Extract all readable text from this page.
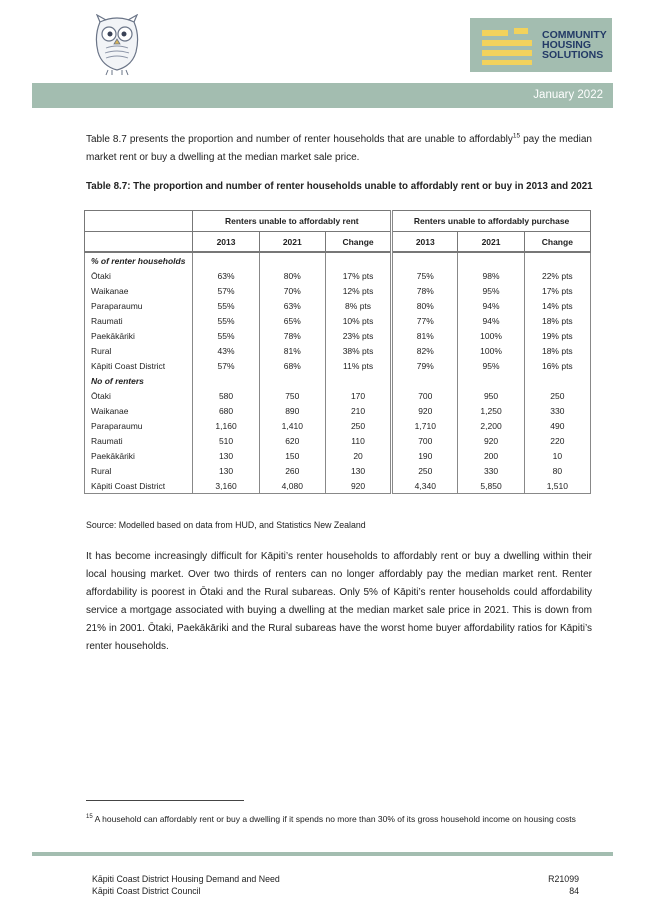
COMMUNITY
HOUSING
SOLUTIONS
January 2022
Table 8.7 presents the proportion and number of renter households that are unable to affordably$^{15}$ pay the median market rent or buy a dwelling at the median market sale price.
Table 8.7: The proportion and number of renter households unable to affordably rent or buy in 2013 and 2021
	Renters unable to affordably rent			Renters unable to affordably purchase		
	2013	2021	Change	2013	2021	Change
% of renter households						
Ōtaki	63%	80%	17% pts	75%	98%	22% pts
Waikanae	57%	70%	12% pts	78%	95%	17% pts
Paraparaumu	55%	63%	8% pts	80%	94%	14% pts
Raumati	55%	65%	10% pts	77%	94%	18% pts
Paekākāriki	55%	78%	23% pts	81%	100%	19% pts
Rural	43%	81%	38% pts	82%	100%	18% pts
Kāpiti Coast District	57%	68%	11% pts	79%	95%	16% pts
No of renters						
Ōtaki	580	750	170	700	950	250
Waikanae	680	890	210	920	1,250	330
Paraparaumu	1,160	1,410	250	1,710	2,200	490
Raumati	510	620	110	700	920	220
Paekākāriki	130	150	20	190	200	10
Rural	130	260	130	250	330	80
Kāpiti Coast District	3,160	4,080	920	4,340	5,850	1,510
Source: Modelled based on data from HUD, and Statistics New Zealand
It has become increasingly difficult for Kāpiti’s renter households to affordably rent or buy a dwelling within their local housing market. Over two thirds of renters can no longer affordably pay the median market rent. Renter affordability is poorest in Ōtaki and the Rural subareas. Only 5% of Kāpiti’s renter households could affordability service a mortgage associated with buying a dwelling at the median market sale price in 2021. This is down from 21% in 2001. Ōtaki, Paekākāriki and the Rural subareas have the worst home buyer affordability ratios for Kāpiti’s renter households.
$^{15}$ A household can affordably rent or buy a dwelling if it spends no more than 30% of its gross household income on housing costs
Kāpiti Coast District Housing Demand and Need
Kāpiti Coast District Council
R21099
84
